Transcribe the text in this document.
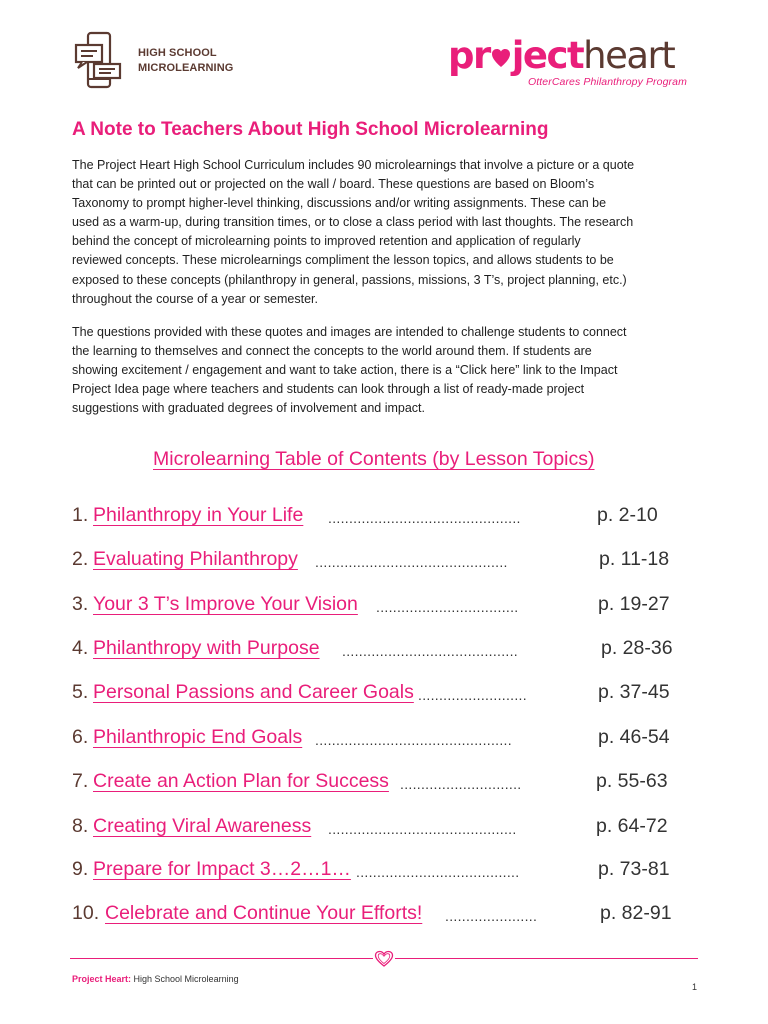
HIGH SCHOOL
MICROLEARNING	pr jectheart
OtterCares Philanthropy Program
A Note to Teachers About High School Microlearning
The Project Heart High School Curriculum includes 90 microlearnings that involve a picture or a quote
that can be printed out or projected on the wall / board. These questions are based on Bloom’s
Taxonomy to prompt higher-level thinking, discussions and/or writing assignments. These can be
used as a warm-up, during transition times, or to close a class period with last thoughts. The research
behind the concept of microlearning points to improved retention and application of regularly
reviewed concepts. These microlearnings compliment the lesson topics, and allows students to be
exposed to these concepts (philanthropy in general, passions, missions, 3 T’s, project planning, etc.)
throughout the course of a year or semester.
The questions provided with these quotes and images are intended to challenge students to connect
the learning to themselves and connect the concepts to the world around them. If students are
showing excitement / engagement and want to take action, there is a “Click here” link to the Impact
Project Idea page where teachers and students can look through a list of ready-made project
suggestions with graduated degrees of involvement and impact.
Microlearning Table of Contents (by Lesson Topics)
1. Philanthropy in Your Life ..............................................	p. 2-10
2. Evaluating Philanthropy ..............................................	p. 11-18
3. Your 3 T’s Improve Your Vision ..................................	p. 19-27
4. Philanthropy with Purpose ..........................................	p. 28-36
5. Personal Passions and Career Goals ..........................	p. 37-45
6. Philanthropic End Goals ...............................................	p. 46-54
7. Create an Action Plan for Success .............................	p. 55-63
8. Creating Viral Awareness .............................................	p. 64-72
9. Prepare for Impact 3…2…1… .......................................	p. 73-81
10. Celebrate and Continue Your Efforts! ......................	p. 82-91
Project Heart: High School Microlearning
1
